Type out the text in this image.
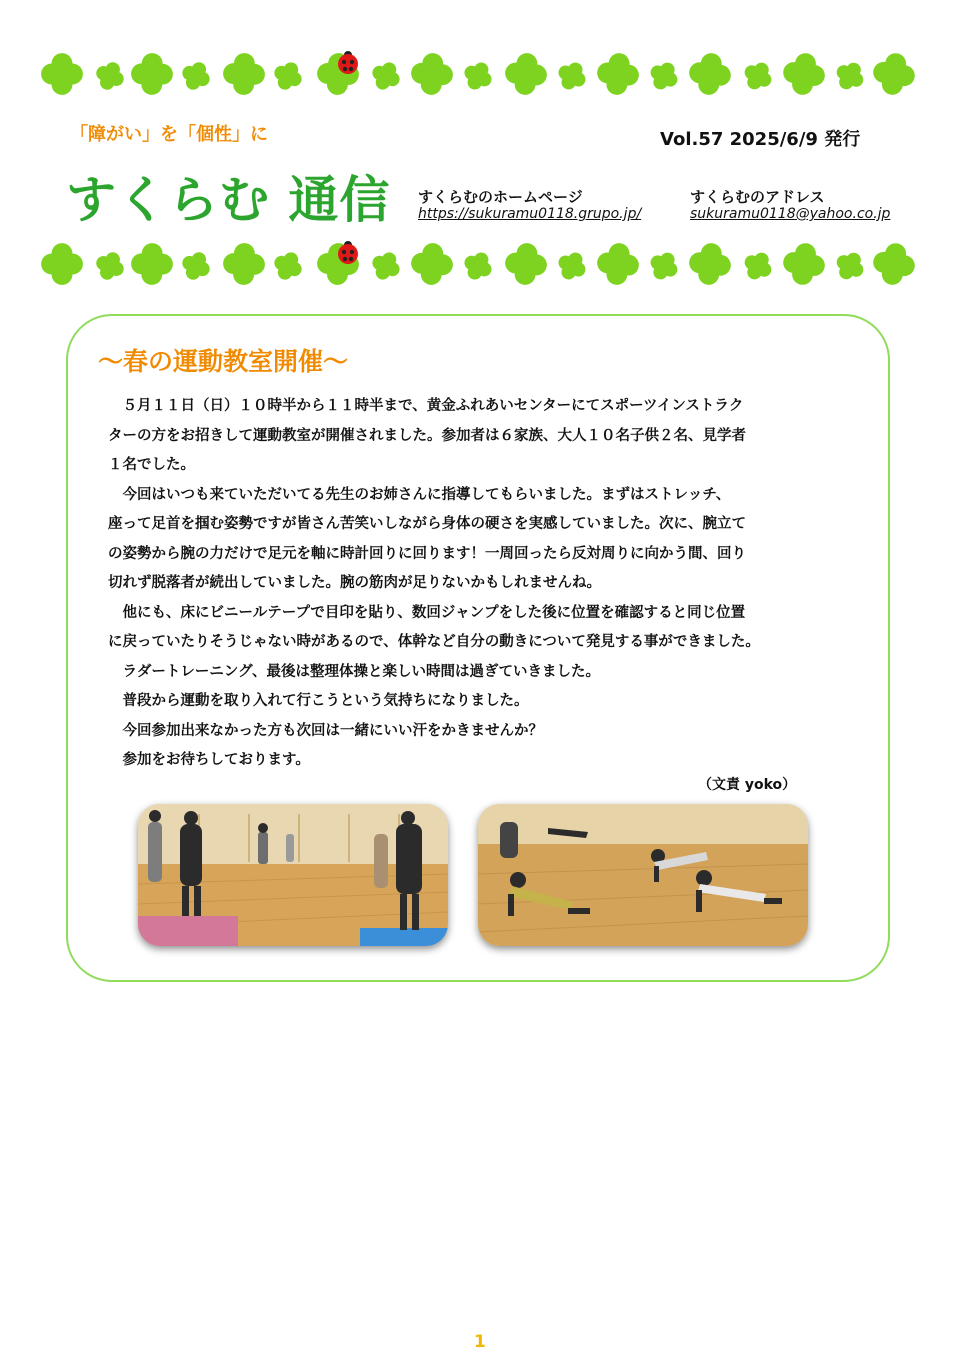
「障がい」を「個性」に
すくらむ 通信
Vol.57 2025/6/9 発行
すくらむのホームページ
https://sukuramu0118.grupo.jp/
すくらむのアドレス
sukuramu0118@yahoo.co.jp
～春の運動教室開催～

　５月１１日（日）１０時半から１１時半まで、黄金ふれあいセンターにてスポーツインストラク

ターの方をお招きして運動教室が開催されました。参加者は６家族、大人１０名子供２名、見学者

１名でした。

　今回はいつも来ていただいてる先生のお姉さんに指導してもらいました。まずはストレッチ、

座って足首を掴む姿勢ですが皆さん苦笑いしながら身体の硬さを実感していました。次に、腕立て

の姿勢から腕の力だけで足元を軸に時計回りに回ります！一周回ったら反対周りに向かう間、回り

切れず脱落者が続出していました。腕の筋肉が足りないかもしれませんね。

　他にも、床にビニールテープで目印を貼り、数回ジャンプをした後に位置を確認すると同じ位置

に戻っていたりそうじゃない時があるので、体幹など自分の動きについて発見する事ができました。

　ラダートレーニング、最後は整理体操と楽しい時間は過ぎていきました。

　普段から運動を取り入れて行こうという気持ちになりました。

　今回参加出来なかった方も次回は一緒にいい汗をかきませんか？

　参加をお待ちしております。

（文責 yoko）
1
